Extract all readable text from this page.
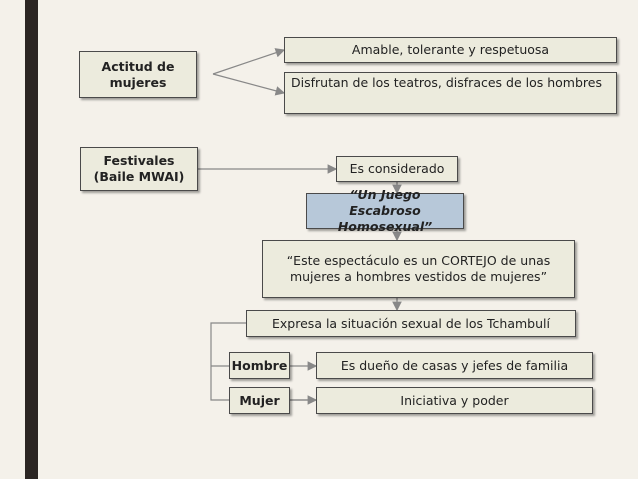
Actitud de mujeres
Amable, tolerante y respetuosa
Disfrutan de los teatros, disfraces de los hombres
Festivales (Baile MWAI)
Es considerado
“Un Juego Escabroso Homosexual”
“Este espectáculo es un CORTEJO de unas mujeres a hombres vestidos de mujeres”
Expresa la situación sexual de los Tchambulí
Hombre	Es dueño de casas y jefes de familia
Mujer	Iniciativa y poder
